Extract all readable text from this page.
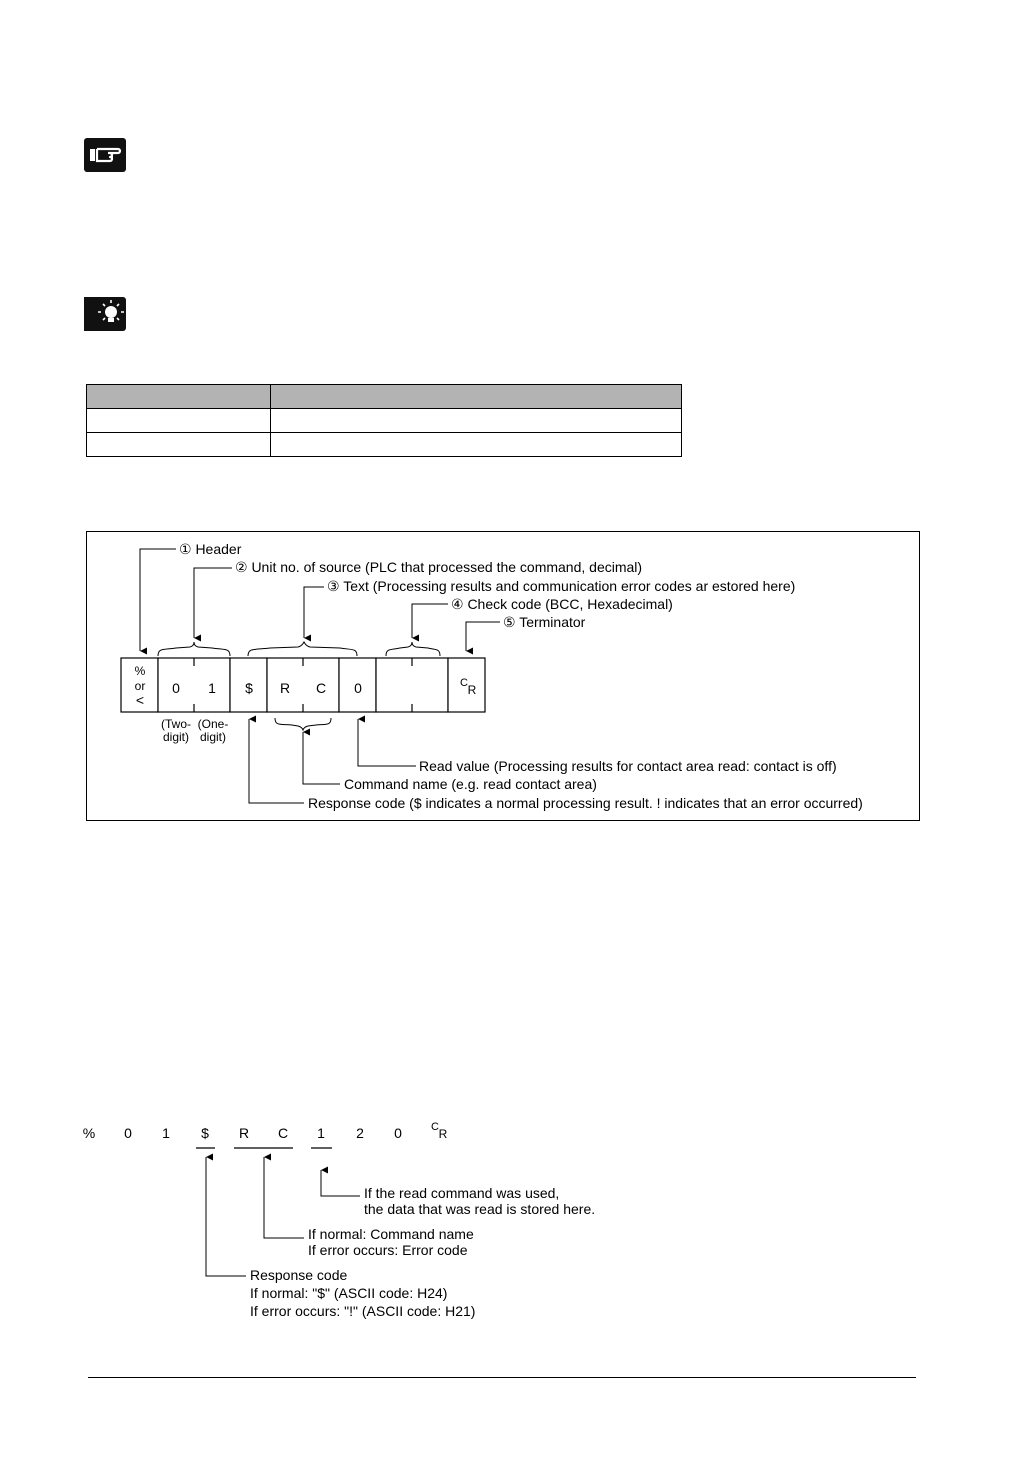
① Header
② Unit no. of source (PLC that processed the command, decimal)
③ Text (Processing results and communication error codes ar estored here)
④ Check code (BCC, Hexadecimal)
⑤ Terminator
%
or
<
0 1 $ R C 0	C R
(Two-
digit)
(One-
digit)
Read value (Processing results for contact area read: contact is off)
Command name (e.g. read contact area)
Response code ($ indicates a normal processing result. ! indicates that an error occurred)
% 0 1 $ R C 1 2 0	C R
If the read command was used,
the data that was read is stored here.
If normal: Command name
If error occurs: Error code
Response code
If normal: "$" (ASCII code: H24)
If error occurs: "!" (ASCII code: H21)
